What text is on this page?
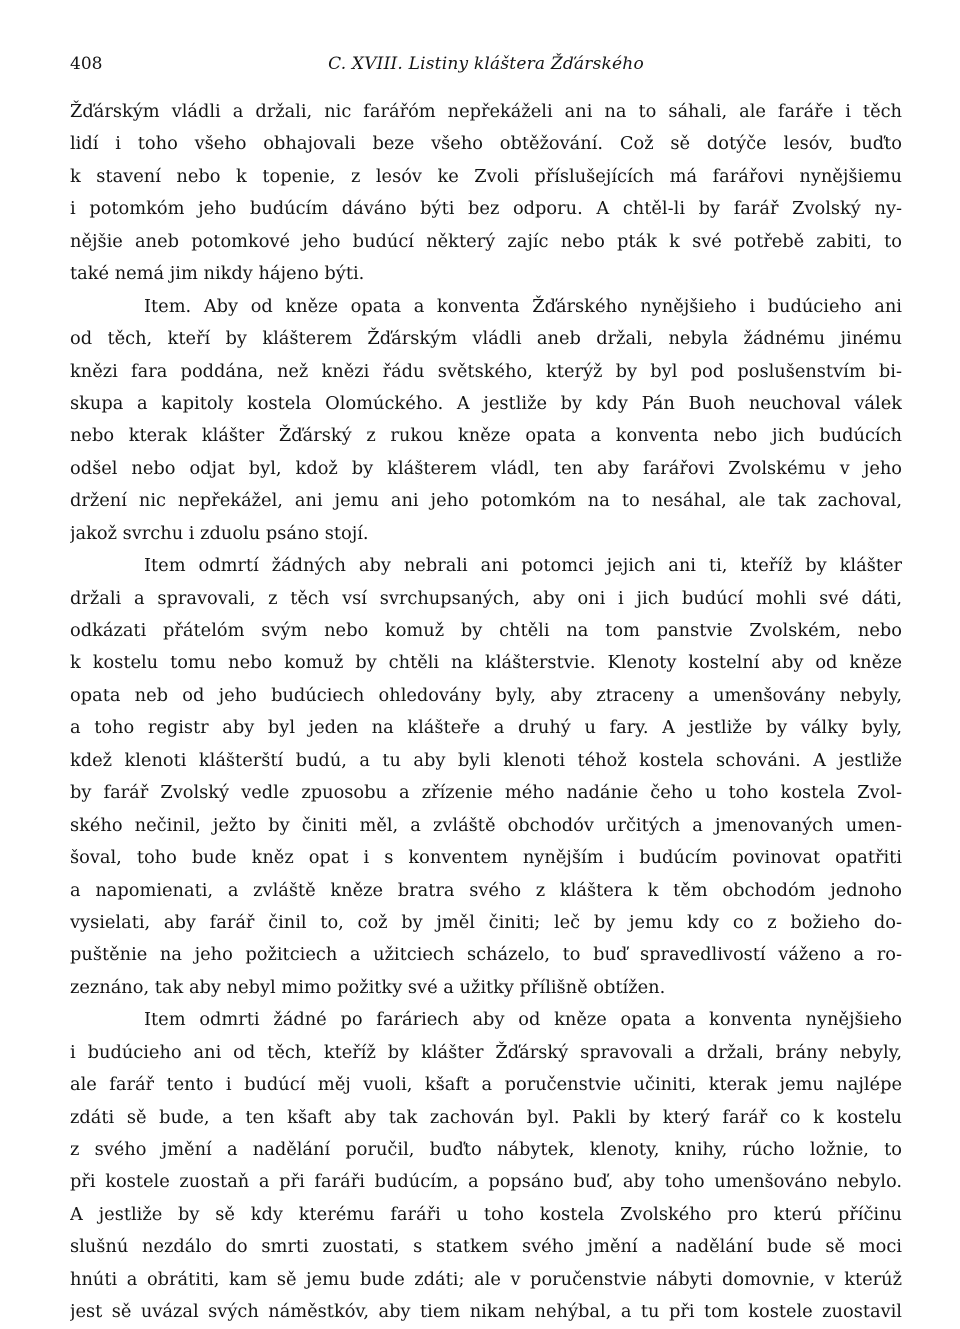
408	C. XVIII. Listiny kláštera Žďárského
Žďárským vládli a držali, nic farářóm nepřekáželi ani na to sáhali, ale faráře i těch
lidí i toho všeho obhajovali beze všeho obtěžování. Což sě dotýče lesóv, buďto
k stavení nebo k topenie, z lesóv ke Zvoli příslušejících má farářovi nynějšiemu
i potomkóm jeho budúcím dáváno býti bez odporu. A chtěl-li by farář Zvolský ny-
nějšie aneb potomkové jeho budúcí některý zajíc nebo pták k své potřebě zabiti, to
také nemá jim nikdy hájeno býti.
Item. Aby od kněze opata a konventa Žďárského nynějšieho i budúcieho ani
od těch, kteří by klášterem Žďárským vládli aneb držali, nebyla žádnému jinému
knězi fara poddána, než knězi řádu světského, kterýž by byl pod poslušenstvím bi-
skupa a kapitoly kostela Olomúckého. A jestliže by kdy Pán Buoh neuchoval válek
nebo kterak klášter Žďárský z rukou kněze opata a konventa nebo jich budúcích
odšel nebo odjat byl, kdož by klášterem vládl, ten aby farářovi Zvolskému v jeho
držení nic nepřekážel, ani jemu ani jeho potomkóm na to nesáhal, ale tak zachoval,
jakož svrchu i zduolu psáno stojí.
Item odmrtí žádných aby nebrali ani potomci jejich ani ti, kteříž by klášter
držali a spravovali, z těch vsí svrchupsaných, aby oni i jich budúcí mohli své dáti,
odkázati přátelóm svým nebo komuž by chtěli na tom panstvie Zvolském, nebo
k kostelu tomu nebo komuž by chtěli na klášterstvie. Klenoty kostelní aby od kněze
opata neb od jeho budúciech ohledovány byly, aby ztraceny a umenšovány nebyly,
a toho registr aby byl jeden na klášteře a druhý u fary. A jestliže by války byly,
kdež klenoti klášterští budú, a tu aby byli klenoti téhož kostela schováni. A jestliže
by farář Zvolský vedle zpuosobu a zřízenie mého nadánie čeho u toho kostela Zvol-
ského nečinil, ježto by činiti měl, a zvláště obchodóv určitých a jmenovaných umen-
šoval, toho bude kněz opat i s konventem nynějším i budúcím povinovat opatřiti
a napomienati, a zvláště kněze bratra svého z kláštera k těm obchodóm jednoho
vysielati, aby farář činil to, což by jměl činiti; leč by jemu kdy co z božieho do-
puštěnie na jeho požitciech a užitciech scházelo, to buď spravedlivostí váženo a ro-
zeznáno, tak aby nebyl mimo požitky své a užitky přílišně obtížen.
Item odmrti žádné po faráriech aby od kněze opata a konventa nynějšieho
i budúcieho ani od těch, kteříž by klášter Žďárský spravovali a držali, brány nebyly,
ale farář tento i budúcí měj vuoli, kšaft a poručenstvie učiniti, kterak jemu najlépe
zdáti sě bude, a ten kšaft aby tak zachován byl. Pakli by který farář co k kostelu
z svého jmění a nadělání poručil, buďto nábytek, klenoty, knihy, rúcho ložnie, to
při kostele zuostaň a při faráři budúcím, a popsáno buď, aby toho umenšováno nebylo.
A jestliže by sě kdy kterému faráři u toho kostela Zvolského pro kterú příčinu
slušnú nezdálo do smrti zuostati, s statkem svého jmění a nadělání bude sě moci
hnúti a obrátiti, kam sě jemu bude zdáti; ale v poručenstvie nábyti domovnie, v kterúž
jest sě uvázal svých náměstkóv, aby tiem nikam nehýbal, a tu při tom kostele zuostavil
